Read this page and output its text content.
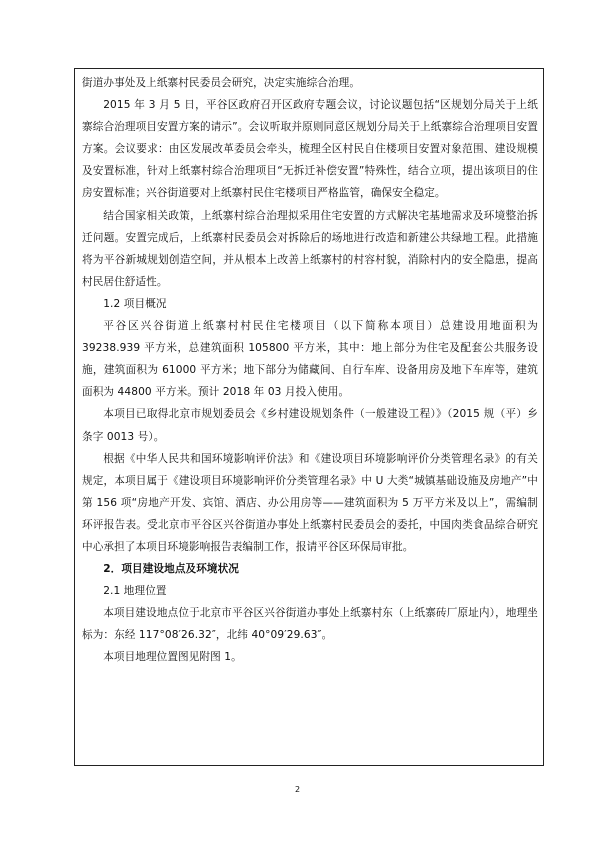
街道办事处及上纸寨村民委员会研究，决定实施综合治理。

2015 年 3 月 5 日，平谷区政府召开区政府专题会议，讨论议题包括“区规划分局关于上纸寨综合治理项目安置方案的请示”。会议听取并原则同意区规划分局关于上纸寨综合治理项目安置方案。会议要求：由区发展改革委员会牵头，梳理全区村民自住楼项目安置对象范围、建设规模及安置标准，针对上纸寨村综合治理项目“无拆迁补偿安置”特殊性，结合立项，提出该项目的住房安置标准；兴谷街道要对上纸寨村民住宅楼项目严格监管，确保安全稳定。

结合国家相关政策，上纸寨村综合治理拟采用住宅安置的方式解决宅基地需求及环境整治拆迁问题。安置完成后，上纸寨村民委员会对拆除后的场地进行改造和新建公共绿地工程。此措施将为平谷新城规划创造空间，并从根本上改善上纸寨村的村容村貌，消除村内的安全隐患，提高村民居住舒适性。

1.2 项目概况

平谷区兴谷街道上纸寨村村民住宅楼项目（以下简称本项目）总建设用地面积为 39238.939 平方米，总建筑面积 105800 平方米，其中：地上部分为住宅及配套公共服务设施，建筑面积为 61000 平方米；地下部分为储藏间、自行车库、设备用房及地下车库等，建筑面积为 44800 平方米。预计 2018 年 03 月投入使用。

本项目已取得北京市规划委员会《乡村建设规划条件（一般建设工程）》（2015 规（平）乡条字 0013 号）。

根据《中华人民共和国环境影响评价法》和《建设项目环境影响评价分类管理名录》的有关规定，本项目属于《建设项目环境影响评价分类管理名录》中 U 大类“城镇基础设施及房地产”中第 156 项“房地产开发、宾馆、酒店、办公用房等——建筑面积为 5 万平方米及以上”，需编制环评报告表。受北京市平谷区兴谷街道办事处上纸寨村民委员会的委托，中国肉类食品综合研究中心承担了本项目环境影响报告表编制工作，报请平谷区环保局审批。

2．项目建设地点及环境状况

2.1 地理位置

本项目建设地点位于北京市平谷区兴谷街道办事处上纸寨村东（上纸寨砖厂原址内），地理坐标为：东经 117°08′26.32″，北纬 40°09′29.63″。

本项目地理位置图见附图 1。

2
